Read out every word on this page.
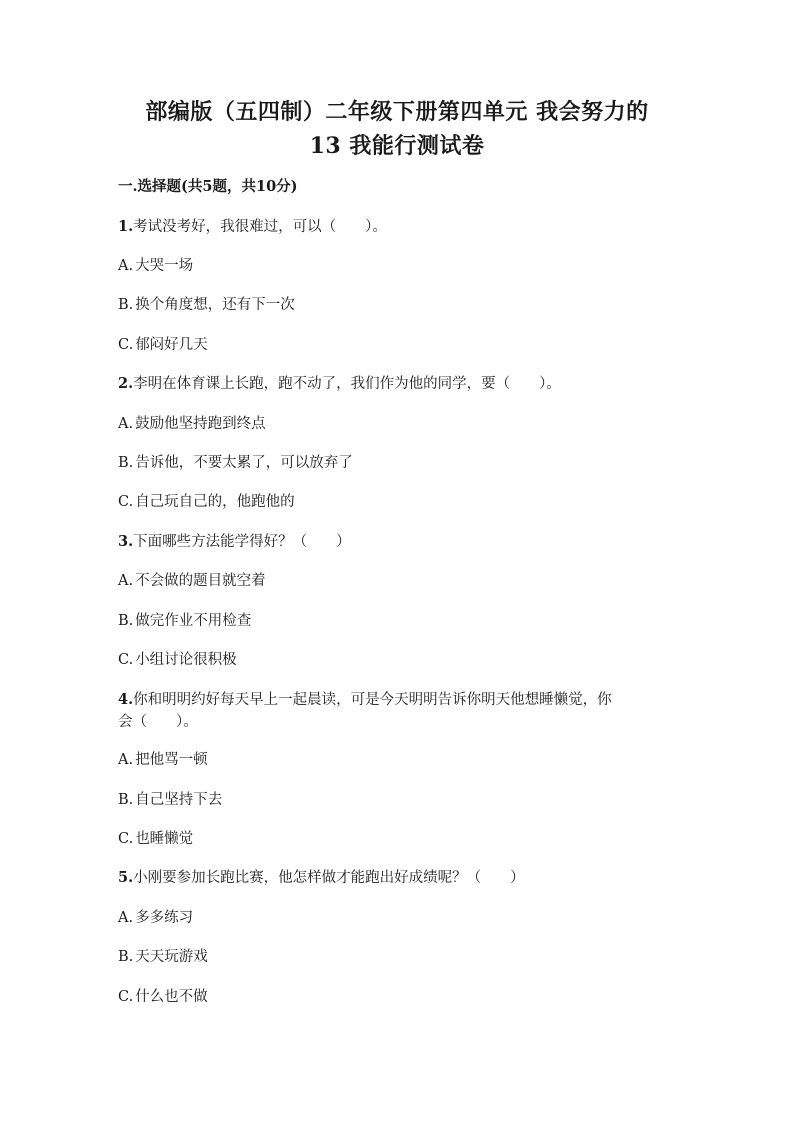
部编版（五四制）二年级下册第四单元 我会努力的
13 我能行测试卷
一.选择题(共5题，共10分)
1.考试没考好，我很难过，可以（　　）。
A. 大哭一场
B. 换个角度想，还有下一次
C. 郁闷好几天
2.李明在体育课上长跑，跑不动了，我们作为他的同学，要（　　）。
A. 鼓励他坚持跑到终点
B. 告诉他，不要太累了，可以放弃了
C. 自己玩自己的，他跑他的
3.下面哪些方法能学得好？（　　）
A. 不会做的题目就空着
B. 做完作业不用检查
C. 小组讨论很积极
4.你和明明约好每天早上一起晨读，可是今天明明告诉你明天他想睡懒觉，你
会（　　）。
A. 把他骂一顿
B. 自己坚持下去
C. 也睡懒觉
5.小刚要参加长跑比赛，他怎样做才能跑出好成绩呢？（　　）
A. 多多练习
B. 天天玩游戏
C. 什么也不做
